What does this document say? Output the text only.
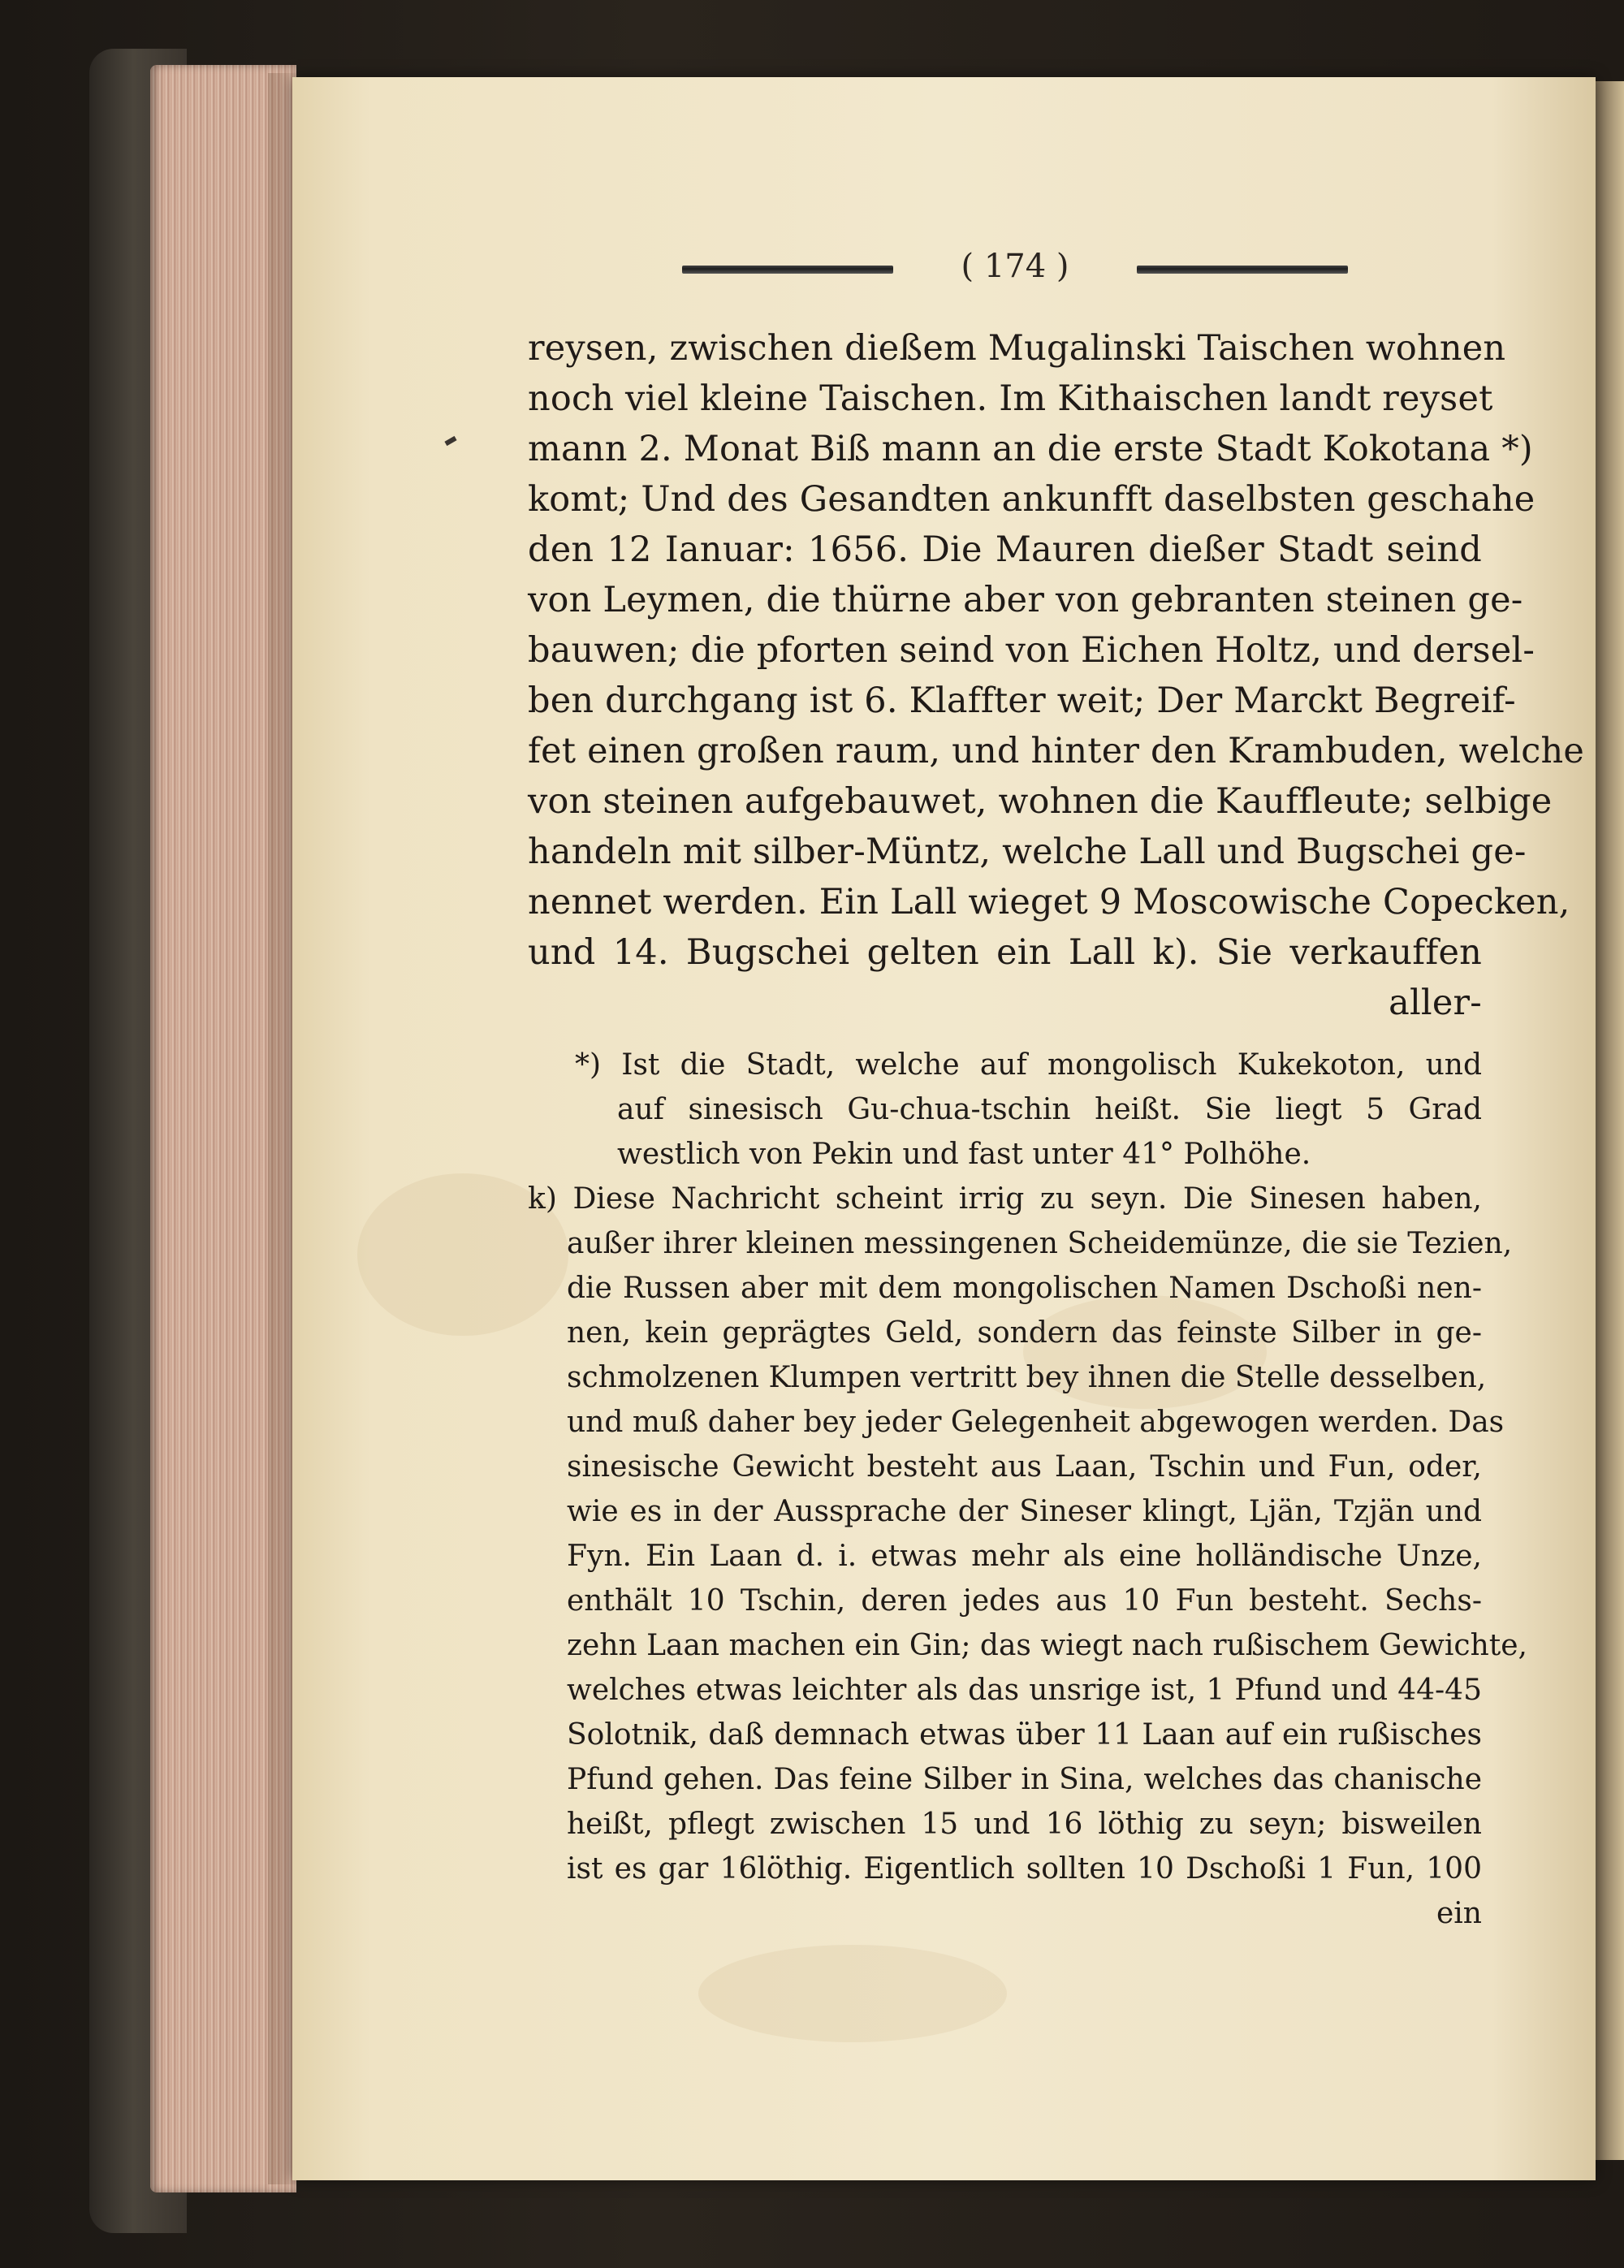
( 174 )

reysen, zwischen dießem Mugalinski Taischen wohnen
noch viel kleine Taischen. Im Kithaischen landt reyset
mann 2. Monat Biß mann an die erste Stadt Kokotana *)
komt; Und des Gesandten ankunfft daselbsten geschahe
den 12 Ianuar: 1656. Die Mauren dießer Stadt seind
von Leymen, die thürne aber von gebranten steinen ge-
bauwen; die pforten seind von Eichen Holtz, und dersel-
ben durchgang ist 6. Klaffter weit; Der Marckt Begreif-
fet einen großen raum, und hinter den Krambuden, welche
von steinen aufgebauwet, wohnen die Kauffleute; selbige
handeln mit silber-Müntz, welche Lall und Bugschei ge-
nennet werden. Ein Lall wieget 9 Moscowische Copecken,
und 14. Bugschei gelten ein Lall k). Sie verkauffen
aller-
*) Ist die Stadt, welche auf mongolisch Kukekoton, und
auf sinesisch Gu-chua-tschin heißt. Sie liegt 5 Grad
westlich von Pekin und fast unter 41° Polhöhe.
k) Diese Nachricht scheint irrig zu seyn. Die Sinesen haben,
außer ihrer kleinen messingenen Scheidemünze, die sie Tezien,
die Russen aber mit dem mongolischen Namen Dschoßi nen-
nen, kein geprägtes Geld, sondern das feinste Silber in ge-
schmolzenen Klumpen vertritt bey ihnen die Stelle desselben,
und muß daher bey jeder Gelegenheit abgewogen werden. Das
sinesische Gewicht besteht aus Laan, Tschin und Fun, oder,
wie es in der Aussprache der Sineser klingt, Ljän, Tzjän und
Fyn. Ein Laan d. i. etwas mehr als eine holländische Unze,
enthält 10 Tschin, deren jedes aus 10 Fun besteht. Sechs-
zehn Laan machen ein Gin; das wiegt nach rußischem Gewichte,
welches etwas leichter als das unsrige ist, 1 Pfund und 44-45
Solotnik, daß demnach etwas über 11 Laan auf ein rußisches
Pfund gehen. Das feine Silber in Sina, welches das chanische
heißt, pflegt zwischen 15 und 16 löthig zu seyn; bisweilen
ist es gar 16löthig. Eigentlich sollten 10 Dschoßi 1 Fun, 100
ein
